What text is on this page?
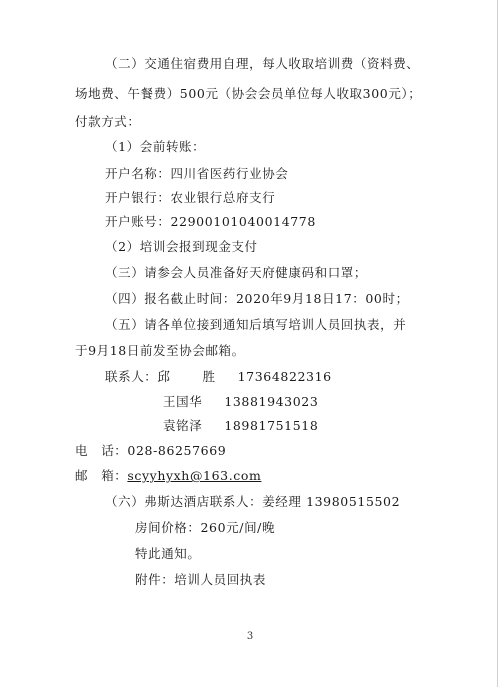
（二）交通住宿费用自理，每人收取培训费（资料费、
场地费、午餐费）500元（协会会员单位每人收取300元）；
付款方式：
（1）会前转账：
开户名称：四川省医药行业协会
开户银行：农业银行总府支行
开户账号：22900101040014778
（2）培训会报到现金支付
（三）请参会人员准备好天府健康码和口罩；
（四）报名截止时间：2020年9月18日17：00时；
（五）请各单位接到通知后填写培训人员回执表，并
于9月18日前发至协会邮箱。
联系人：邱	胜 17364822316
王国华 13881943023
袁铭泽 18981751518
电　话：028-86257669
邮　箱：scyyhyxh@163.com
（六）弗斯达酒店联系人：姜经理 13980515502
房间价格：260元/间/晚
特此通知。
附件：培训人员回执表
3
